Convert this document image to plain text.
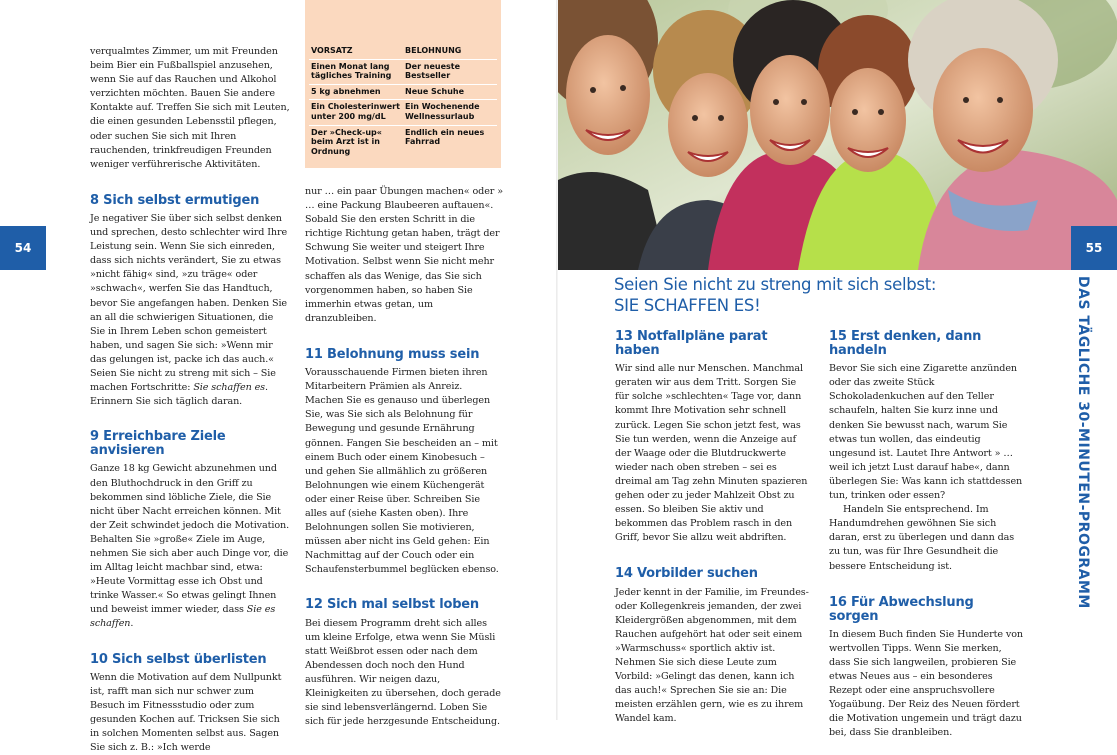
54

verqualmtes Zimmer, um mit Freunden beim Bier ein Fußballspiel anzusehen, wenn Sie auf das Rauchen und Alkohol verzichten möchten. Bauen Sie andere Kontakte auf. Treffen Sie sich mit Leuten, die einen gesunden Lebensstil pflegen, oder suchen Sie sich mit Ihren rauchenden, trinkfreudigen Freunden weniger verführerische Aktivitäten.

8 Sich selbst ermutigen

Je negativer Sie über sich selbst denken und sprechen, desto schlechter wird Ihre Leistung sein. Wenn Sie sich einreden, dass sich nichts verändert, Sie zu etwas »nicht fähig« sind, »zu träge« oder »schwach«, werfen Sie das Handtuch, bevor Sie angefangen haben. Denken Sie an all die schwierigen Situationen, die Sie in Ihrem Leben schon gemeistert haben, und sagen Sie sich: »Wenn mir das gelungen ist, packe ich das auch.« Seien Sie nicht zu streng mit sich – Sie machen Fortschritte: Sie schaffen es. Erinnern Sie sich täglich daran.

9 Erreichbare Ziele anvisieren

Ganze 18 kg Gewicht abzunehmen und den Bluthochdruck in den Griff zu bekommen sind löbliche Ziele, die Sie nicht über Nacht erreichen können. Mit der Zeit schwindet jedoch die Motivation. Behalten Sie »große« Ziele im Auge, nehmen Sie sich aber auch Dinge vor, die im Alltag leicht machbar sind, etwa: »Heute Vormittag esse ich Obst und trinke Wasser.« So etwas gelingt Ihnen und beweist immer wieder, dass Sie es schaffen.

10 Sich selbst überlisten

Wenn die Motivation auf dem Nullpunkt ist, rafft man sich nur schwer zum Besuch im Fitnessstudio oder zum gesunden Kochen auf. Tricksen Sie sich in solchen Momenten selbst aus. Sagen Sie sich z. B.: »Ich werde

VORSATZ	BELOHNUNG
Einen Monat lang tägliches Training	Der neueste Bestseller
5 kg abnehmen	Neue Schuhe
Ein Cholesterinwert unter 200 mg/dL	Ein Wochenende Wellnessurlaub
Der »Check-up« beim Arzt ist in Ordnung	Endlich ein neues Fahrrad

nur … ein paar Übungen machen« oder » … eine Packung Blaubeeren auftauen«. Sobald Sie den ersten Schritt in die richtige Richtung getan haben, trägt der Schwung Sie weiter und steigert Ihre Motivation. Selbst wenn Sie nicht mehr schaffen als das Wenige, das Sie sich vorgenommen haben, so haben Sie immerhin etwas getan, um dranzubleiben.

11 Belohnung muss sein

Vorausschauende Firmen bieten ihren Mitarbeitern Prämien als Anreiz. Machen Sie es genauso und überlegen Sie, was Sie sich als Belohnung für Bewegung und gesunde Ernährung gönnen. Fangen Sie bescheiden an – mit einem Buch oder einem Kinobesuch – und gehen Sie allmählich zu größeren Belohnungen wie einem Küchengerät oder einer Reise über. Schreiben Sie alles auf (siehe Kasten oben). Ihre Belohnungen sollen Sie motivieren, müssen aber nicht ins Geld gehen: Ein Nachmittag auf der Couch oder ein Schaufensterbummel beglücken ebenso.

12 Sich mal selbst loben

Bei diesem Programm dreht sich alles um kleine Erfolge, etwa wenn Sie Müsli statt Weißbrot essen oder nach dem Abendessen doch noch den Hund ausführen. Wir neigen dazu, Kleinigkeiten zu übersehen, doch gerade sie sind lebensverlängernd. Loben Sie sich für jede herzgesunde Entscheidung.

Seien Sie nicht zu streng mit sich selbst:
SIE SCHAFFEN ES!
13 Notfallpläne parat haben

Wir sind alle nur Menschen. Manchmal geraten wir aus dem Tritt. Sorgen Sie für solche »schlechten« Tage vor, dann kommt Ihre Motivation sehr schnell zurück. Legen Sie schon jetzt fest, was Sie tun werden, wenn die Anzeige auf der Waage oder die Blutdruckwerte wieder nach oben streben – sei es dreimal am Tag zehn Minuten spazieren gehen oder zu jeder Mahlzeit Obst zu essen. So bleiben Sie aktiv und bekommen das Problem rasch in den Griff, bevor Sie allzu weit abdriften.

14 Vorbilder suchen

Jeder kennt in der Familie, im Freundes- oder Kollegenkreis jemanden, der zwei Kleidergrößen abgenommen, mit dem Rauchen aufgehört hat oder seit einem »Warmschuss« sportlich aktiv ist. Nehmen Sie sich diese Leute zum Vorbild: »Gelingt das denen, kann ich das auch!« Sprechen Sie sie an: Die meisten erzählen gern, wie es zu ihrem Wandel kam.

15 Erst denken, dann handeln

Bevor Sie sich eine Zigarette anzünden oder das zweite Stück Schokoladenkuchen auf den Teller schaufeln, halten Sie kurz inne und denken Sie bewusst nach, warum Sie etwas tun wollen, das eindeutig ungesund ist. Lautet Ihre Antwort » … weil ich jetzt Lust darauf habe«, dann überlegen Sie: Was kann ich stattdessen tun, trinken oder essen?

Handeln Sie entsprechend. Im Handumdrehen gewöhnen Sie sich daran, erst zu überlegen und dann das zu tun, was für Ihre Gesundheit die bessere Entscheidung ist.

16 Für Abwechslung sorgen

In diesem Buch finden Sie Hunderte von wertvollen Tipps. Wenn Sie merken, dass Sie sich langweilen, probieren Sie etwas Neues aus – ein besonderes Rezept oder eine anspruchsvollere Yogaübung. Der Reiz des Neuen fördert die Motivation ungemein und trägt dazu bei, dass Sie dranbleiben.

55
DAS TÄGLICHE 30-MINUTEN-PROGRAMM
